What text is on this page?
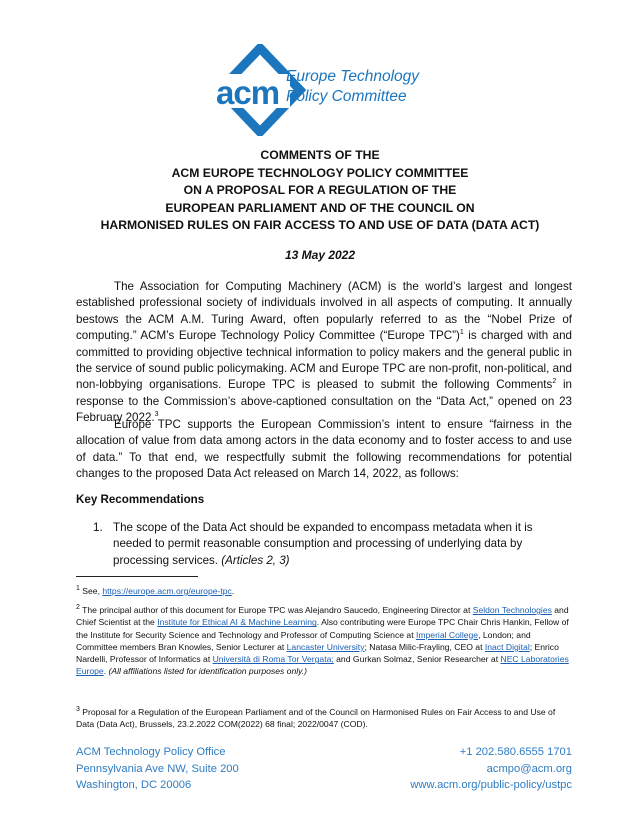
acm Europe Technology
Policy Committee
COMMENTS OF THE
ACM EUROPE TECHNOLOGY POLICY COMMITTEE
ON A PROPOSAL FOR A REGULATION OF THE
EUROPEAN PARLIAMENT AND OF THE COUNCIL ON
HARMONISED RULES ON FAIR ACCESS TO AND USE OF DATA (DATA ACT)
13 May 2022
The Association for Computing Machinery (ACM) is the world’s largest and longest established professional society of individuals involved in all aspects of computing. It annually bestows the ACM A.M. Turing Award, often popularly referred to as the “Nobel Prize of computing.” ACM’s Europe Technology Policy Committee (“Europe TPC”)$^1$ is charged with and committed to providing objective technical information to policy makers and the general public in the service of sound public policymaking. ACM and Europe TPC are non-profit, non-political, and non-lobbying organisations. Europe TPC is pleased to submit the following Comments$^2$ in response to the Commission’s above-captioned consultation on the “Data Act,” opened on 23 February 2022.$^3$
Europe TPC supports the European Commission’s intent to ensure “fairness in the allocation of value from data among actors in the data economy and to foster access to and use of data.” To that end, we respectfully submit the following recommendations for potential changes to the proposed Data Act released on March 14, 2022, as follows:
Key Recommendations
1. The scope of the Data Act should be expanded to encompass metadata when it is needed to permit reasonable consumption and processing of underlying data by processing services. (Articles 2, 3)
$^1$ See, https://europe.acm.org/europe-tpc.
$^2$ The principal author of this document for Europe TPC was Alejandro Saucedo, Engineering Director at Seldon Technologies and Chief Scientist at the Institute for Ethical AI & Machine Learning. Also contributing were Europe TPC Chair Chris Hankin, Fellow of the Institute for Security Science and Technology and Professor of Computing Science at Imperial College, London; and Committee members Bran Knowles, Senior Lecturer at Lancaster University; Natasa Milic-Frayling, CEO at Inact Digital; Enrico Nardelli, Professor of Informatics at Università di Roma Tor Vergata; and Gurkan Solmaz, Senior Researcher at NEC Laboratories Europe. (All affiliations listed for identification purposes only.)
$^3$ Proposal for a Regulation of the European Parliament and of the Council on Harmonised Rules on Fair Access to and Use of Data (Data Act), Brussels, 23.2.2022 COM(2022) 68 final; 2022/0047 (COD).
ACM Technology Policy Office
Pennsylvania Ave NW, Suite 200
Washington, DC 20006
+1 202.580.6555 1701
acmpo@acm.org
www.acm.org/public-policy/ustpc
